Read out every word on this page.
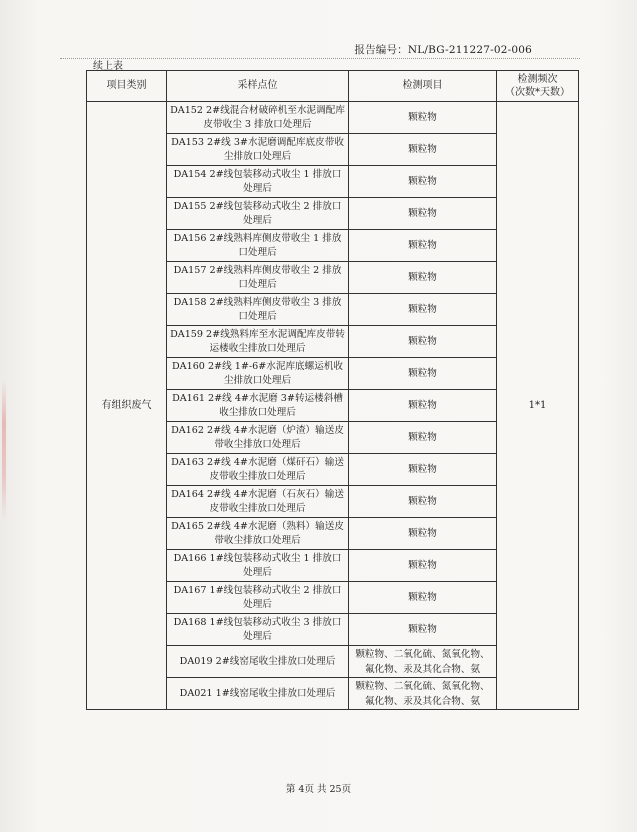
报告编号：NL/BG-211227-02-006
续上表
项目类别	采样点位	检测项目	检测频次
（次数*天数）
有组织废气	DA152 2#线混合材破碎机至水泥调配库皮带收尘 3 排放口处理后	颗粒物	1*1
	DA153 2#线 3#水泥磨调配库底皮带收尘排放口处理后	颗粒物	
	DA154 2#线包装移动式收尘 1 排放口处理后	颗粒物	
	DA155 2#线包装移动式收尘 2 排放口处理后	颗粒物	
	DA156 2#线熟料库侧皮带收尘 1 排放口处理后	颗粒物	
	DA157 2#线熟料库侧皮带收尘 2 排放口处理后	颗粒物	
	DA158 2#线熟料库侧皮带收尘 3 排放口处理后	颗粒物	
	DA159 2#线熟料库至水泥调配库皮带转运楼收尘排放口处理后	颗粒物	
	DA160 2#线 1#-6#水泥库底螺运机收尘排放口处理后	颗粒物	
	DA161 2#线 4#水泥磨 3#转运楼斜槽收尘排放口处理后	颗粒物	
	DA162 2#线 4#水泥磨（炉渣）输送皮带收尘排放口处理后	颗粒物	
	DA163 2#线 4#水泥磨（煤矸石）输送皮带收尘排放口处理后	颗粒物	
	DA164 2#线 4#水泥磨（石灰石）输送皮带收尘排放口处理后	颗粒物	
	DA165 2#线 4#水泥磨（熟料）输送皮带收尘排放口处理后	颗粒物	
	DA166 1#线包装移动式收尘 1 排放口处理后	颗粒物	
	DA167 1#线包装移动式收尘 2 排放口处理后	颗粒物	
	DA168 1#线包装移动式收尘 3 排放口处理后	颗粒物	
	DA019 2#线窑尾收尘排放口处理后	颗粒物、二氧化硫、氮氧化物、氟化物、汞及其化合物、氨	
	DA021 1#线窑尾收尘排放口处理后	颗粒物、二氧化硫、氮氧化物、氟化物、汞及其化合物、氨	
第 4页 共 25页
